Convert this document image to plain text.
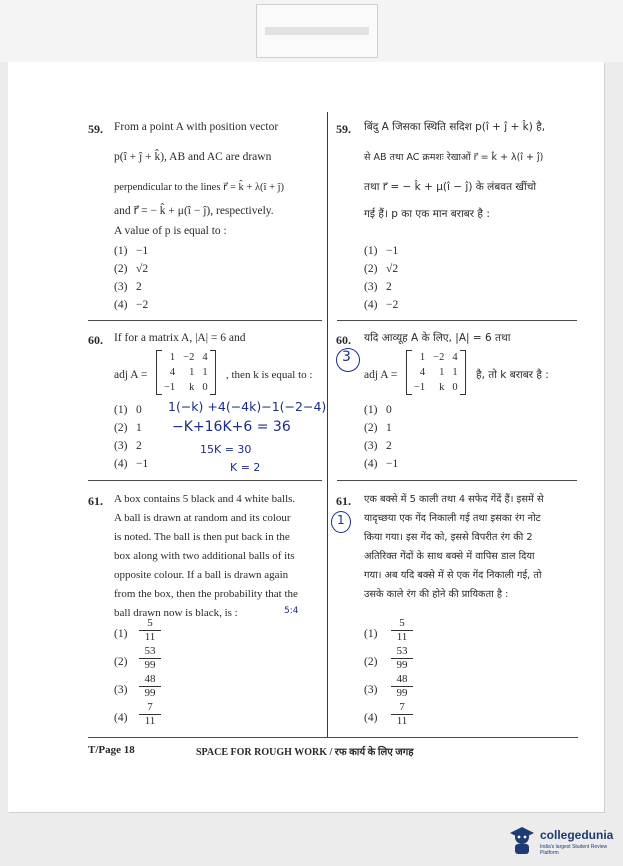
59. From a point A with position vector
p(î + ĵ + k̂), AB and AC are drawn
perpendicular to the lines r⃗ = k̂ + λ(î + ĵ)
and r⃗ = − k̂ + μ(î − ĵ), respectively.
A value of p is equal to :
(1) −1
(2) √2
(3) 2
(4) −2
59. बिंदु A जिसका स्थिति सदिश p(î + ĵ + k̂) है,
से AB तथा AC क्रमशः रेखाओं r⃗ = k̂ + λ(î + ĵ)
तथा r⃗ = − k̂ + μ(î − ĵ) के लंबवत खींचो
गई हैं। p का एक मान बराबर है :
(1) −1
(2) √2
(3) 2
(4) −2
60. If for a matrix A, |A| = 6 and
adj A =
1	−2	4
4	1	1
−1	k	0
, then k is equal to :
(1) 0
(2) 1
(3) 2
(4) −1
1(−k) +4(−4k)−1(−2−4)
−K+16K+6 = 36
15K = 30
K = 2
60.
3
यदि आव्यूह A के लिए, |A| = 6 तथा
adj A =
1	−2	4
4	1	1
−1	k	0
है, तो k बराबर है :
(1) 0
(2) 1
(3) 2
(4) −1
61. A box contains 5 black and 4 white balls.
A ball is drawn at random and its colour
is noted. The ball is then put back in the
box along with two additional balls of its
opposite colour. If a ball is drawn again
from the box, then the probability that the
ball drawn now is black, is :	5:4
$(1) \frac{5}{11}$
$(2) \frac{53}{99}$
$(3) \frac{48}{99}$
$(4) \frac{7}{11}$
61.
1
एक बक्से में 5 काली तथा 4 सफेद गेंदें हैं। इसमें से
यादृच्छया एक गेंद निकाली गई तथा इसका रंग नोट
किया गया। इस गेंद को, इससे विपरीत रंग की 2
अतिरिक्त गेंदों के साथ बक्से में वापिस डाल दिया
गया। अब यदि बक्से में से एक गेंद निकाली गई, तो
उसके काले रंग की होने की प्रायिकता है :
$(1) \frac{5}{11}$
$(2) \frac{53}{99}$
$(3) \frac{48}{99}$
$(4) \frac{7}{11}$
T/Page 18	SPACE FOR ROUGH WORK / रफ कार्य के लिए जगह
collegedunia
India's largest Student Review Platform
